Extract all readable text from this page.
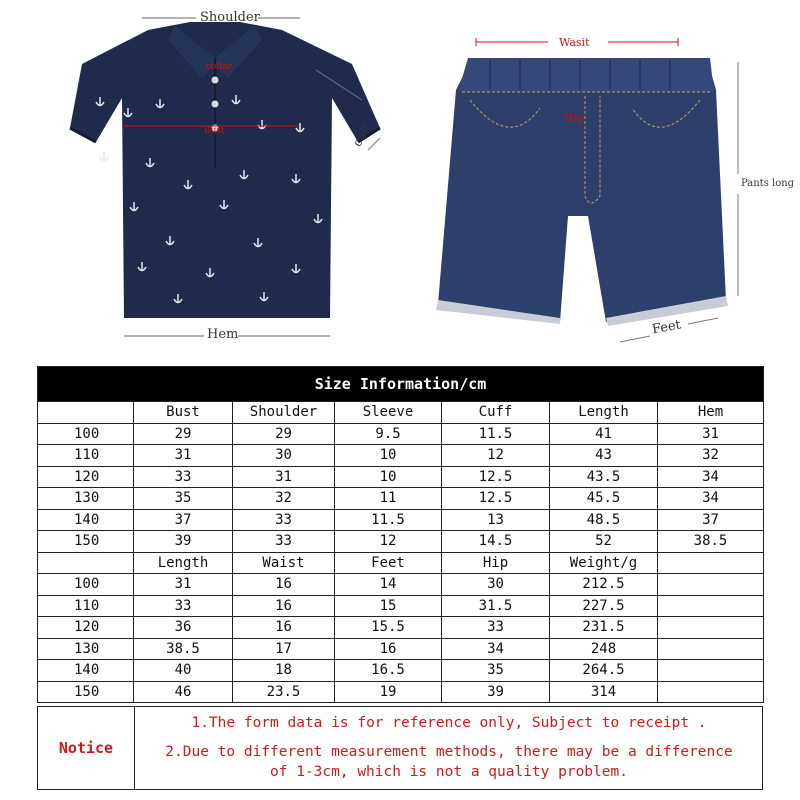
Shoulder
collar
Bust	cuff
Hem
Wasit
Hip
Pants long
Feet
Size Information/cm						
	Bust	Shoulder	Sleeve	Cuff	Length	Hem
100	29	29	9.5	11.5	41	31
110	31	30	10	12	43	32
120	33	31	10	12.5	43.5	34
130	35	32	11	12.5	45.5	34
140	37	33	11.5	13	48.5	37
150	39	33	12	14.5	52	38.5
	Length	Waist	Feet	Hip	Weight/g	
100	31	16	14	30	212.5	
110	33	16	15	31.5	227.5	
120	36	16	15.5	33	231.5	
130	38.5	17	16	34	248	
140	40	18	16.5	35	264.5	
150	46	23.5	19	39	314	
Notice
1.The form data is for reference only, Subject to receipt .
2.Due to different measurement methods, there may be a difference
of 1-3cm, which is not a quality problem.
